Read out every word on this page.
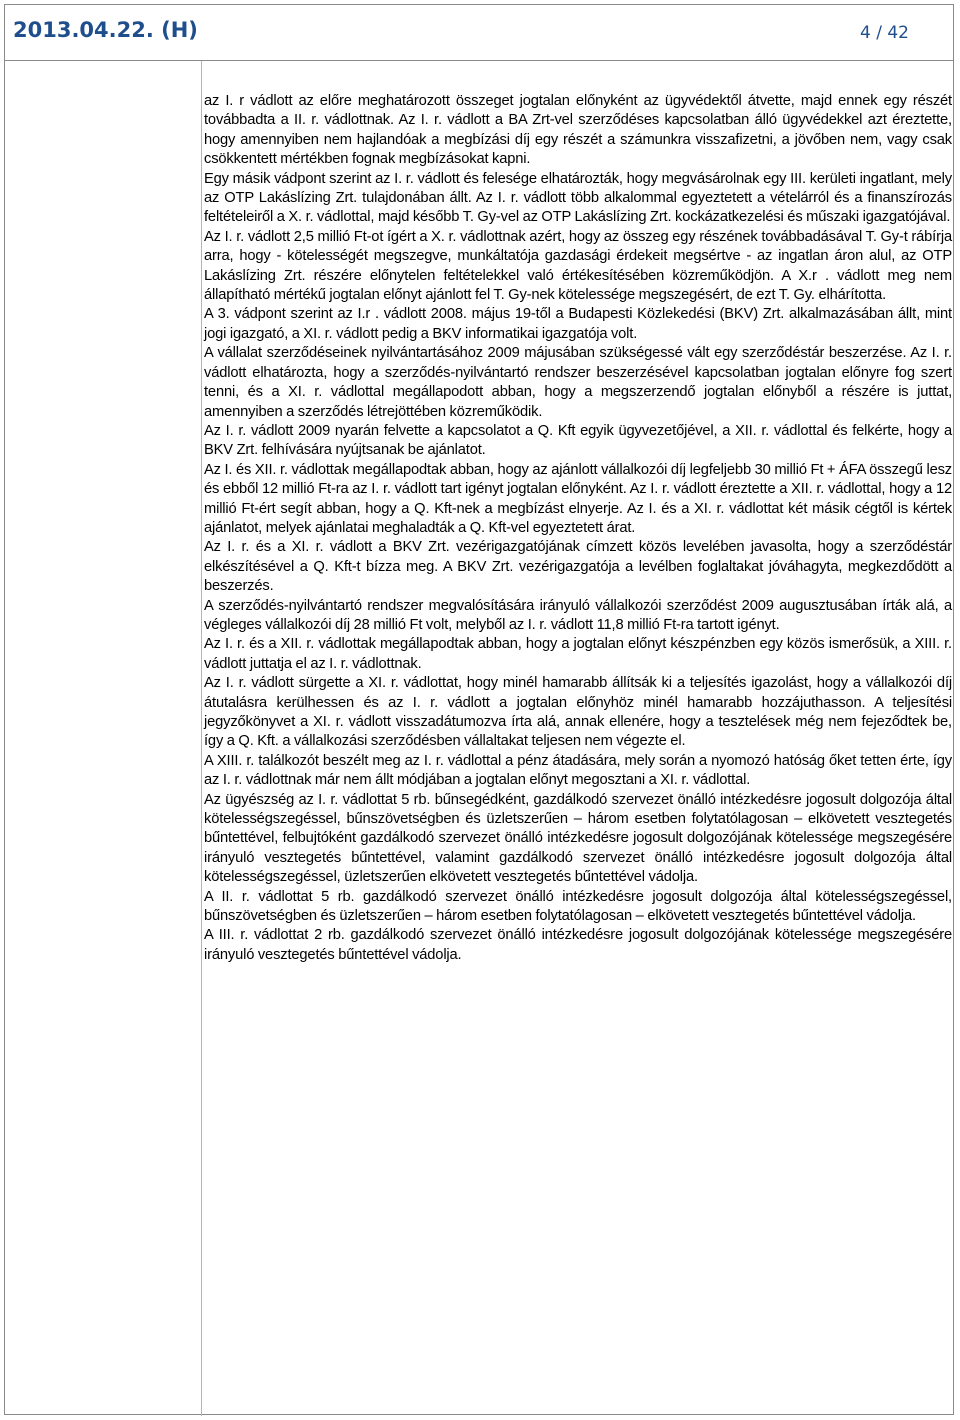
2013.04.22. (H)	4 / 42

az I. r vádlott az előre meghatározott összeget jogtalan előnyként az ügyvédektől átvette, majd ennek egy részét továbbadta a II. r. vádlottnak. Az I. r. vádlott a BA Zrt-vel szerződéses kapcsolatban álló ügyvédekkel azt éreztette, hogy amennyiben nem hajlandóak a megbízási díj egy részét a számunkra visszafizetni, a jövőben nem, vagy csak csökkentett mértékben fognak megbízásokat kapni.

Egy másik vádpont szerint az I. r. vádlott és felesége elhatározták, hogy megvásárolnak egy III. kerületi ingatlant, mely az OTP Lakáslízing Zrt. tulajdonában állt. Az I. r. vádlott több alkalommal egyeztetett a vételárról és a finanszírozás feltételeiről a X. r. vádlottal, majd később T. Gy-vel az OTP Lakáslízing Zrt. kockázatkezelési és műszaki igazgatójával.

Az I. r. vádlott 2,5 millió Ft-ot ígért a X. r. vádlottnak azért, hogy az összeg egy részének továbbadásával T. Gy-t rábírja arra, hogy - kötelességét megszegve, munkáltatója gazdasági érdekeit megsértve - az ingatlan áron alul, az OTP Lakáslízing Zrt. részére előnytelen feltételekkel való értékesítésében közreműködjön. A X.r . vádlott meg nem állapítható mértékű jogtalan előnyt ajánlott fel T. Gy-nek kötelessége megszegésért, de ezt T. Gy. elhárította.

A 3. vádpont szerint az I.r . vádlott 2008. május 19-től a Budapesti Közlekedési (BKV) Zrt. alkalmazásában állt, mint jogi igazgató, a XI. r. vádlott pedig a BKV informatikai igazgatója volt.

A vállalat szerződéseinek nyilvántartásához 2009 májusában szükségessé vált egy szerződéstár beszerzése. Az I. r. vádlott elhatározta, hogy a szerződés-nyilvántartó rendszer beszerzésével kapcsolatban jogtalan előnyre fog szert tenni, és a XI. r. vádlottal megállapodott abban, hogy a megszerzendő jogtalan előnyből a részére is juttat, amennyiben a szerződés létrejöttében közreműködik.

Az I. r. vádlott 2009 nyarán felvette a kapcsolatot a Q. Kft egyik ügyvezetőjével, a XII. r. vádlottal és felkérte, hogy a BKV Zrt. felhívására nyújtsanak be ajánlatot.

Az I. és XII. r. vádlottak megállapodtak abban, hogy az ajánlott vállalkozói díj legfeljebb 30 millió Ft + ÁFA összegű lesz és ebből 12 millió Ft-ra az I. r. vádlott tart igényt jogtalan előnyként. Az I. r. vádlott éreztette a XII. r. vádlottal, hogy a 12 millió Ft-ért segít abban, hogy a Q. Kft-nek a megbízást elnyerje. Az I. és a XI. r. vádlottat két másik cégtől is kértek ajánlatot, melyek ajánlatai meghaladták a Q. Kft-vel egyeztetett árat.

Az I. r. és a XI. r. vádlott a BKV Zrt. vezérigazgatójának címzett közös levelében javasolta, hogy a szerződéstár elkészítésével a Q. Kft-t bízza meg. A BKV Zrt. vezérigazgatója a levélben foglaltakat jóváhagyta, megkezdődött a beszerzés.

A szerződés-nyilvántartó rendszer megvalósítására irányuló vállalkozói szerződést 2009 augusztusában írták alá, a végleges vállalkozói díj 28 millió Ft volt, melyből az I. r. vádlott 11,8 millió Ft-ra tartott igényt.

Az I. r. és a XII. r. vádlottak megállapodtak abban, hogy a jogtalan előnyt készpénzben egy közös ismerősük, a XIII. r. vádlott juttatja el az I. r. vádlottnak.

Az I. r. vádlott sürgette a XI. r. vádlottat, hogy minél hamarabb állítsák ki a teljesítés igazolást, hogy a vállalkozói díj átutalásra kerülhessen és az I. r. vádlott a jogtalan előnyhöz minél hamarabb hozzájuthasson. A teljesítési jegyzőkönyvet a XI. r. vádlott visszadátumozva írta alá, annak ellenére, hogy a tesztelések még nem fejeződtek be, így a Q. Kft. a vállalkozási szerződésben vállaltakat teljesen nem végezte el.

A XIII. r. találkozót beszélt meg az I. r. vádlottal a pénz átadására, mely során a nyomozó hatóság őket tetten érte, így az I. r. vádlottnak már nem állt módjában a jogtalan előnyt megosztani a XI. r. vádlottal.

Az ügyészség az I. r. vádlottat 5 rb. bűnsegédként, gazdálkodó szervezet önálló intézkedésre jogosult dolgozója által kötelességszegéssel, bűnszövetségben és üzletszerűen – három esetben folytatólagosan – elkövetett vesztegetés bűntettével, felbujtóként gazdálkodó szervezet önálló intézkedésre jogosult dolgozójának kötelessége megszegésére irányuló vesztegetés bűntettével, valamint gazdálkodó szervezet önálló intézkedésre jogosult dolgozója által kötelességszegéssel, üzletszerűen elkövetett vesztegetés bűntettével vádolja.

A II. r. vádlottat 5 rb. gazdálkodó szervezet önálló intézkedésre jogosult dolgozója által kötelességszegéssel, bűnszövetségben és üzletszerűen – három esetben folytatólagosan – elkövetett vesztegetés bűntettével vádolja.

A III. r. vádlottat 2 rb. gazdálkodó szervezet önálló intézkedésre jogosult dolgozójának kötelessége megszegésére irányuló vesztegetés bűntettével vádolja.
